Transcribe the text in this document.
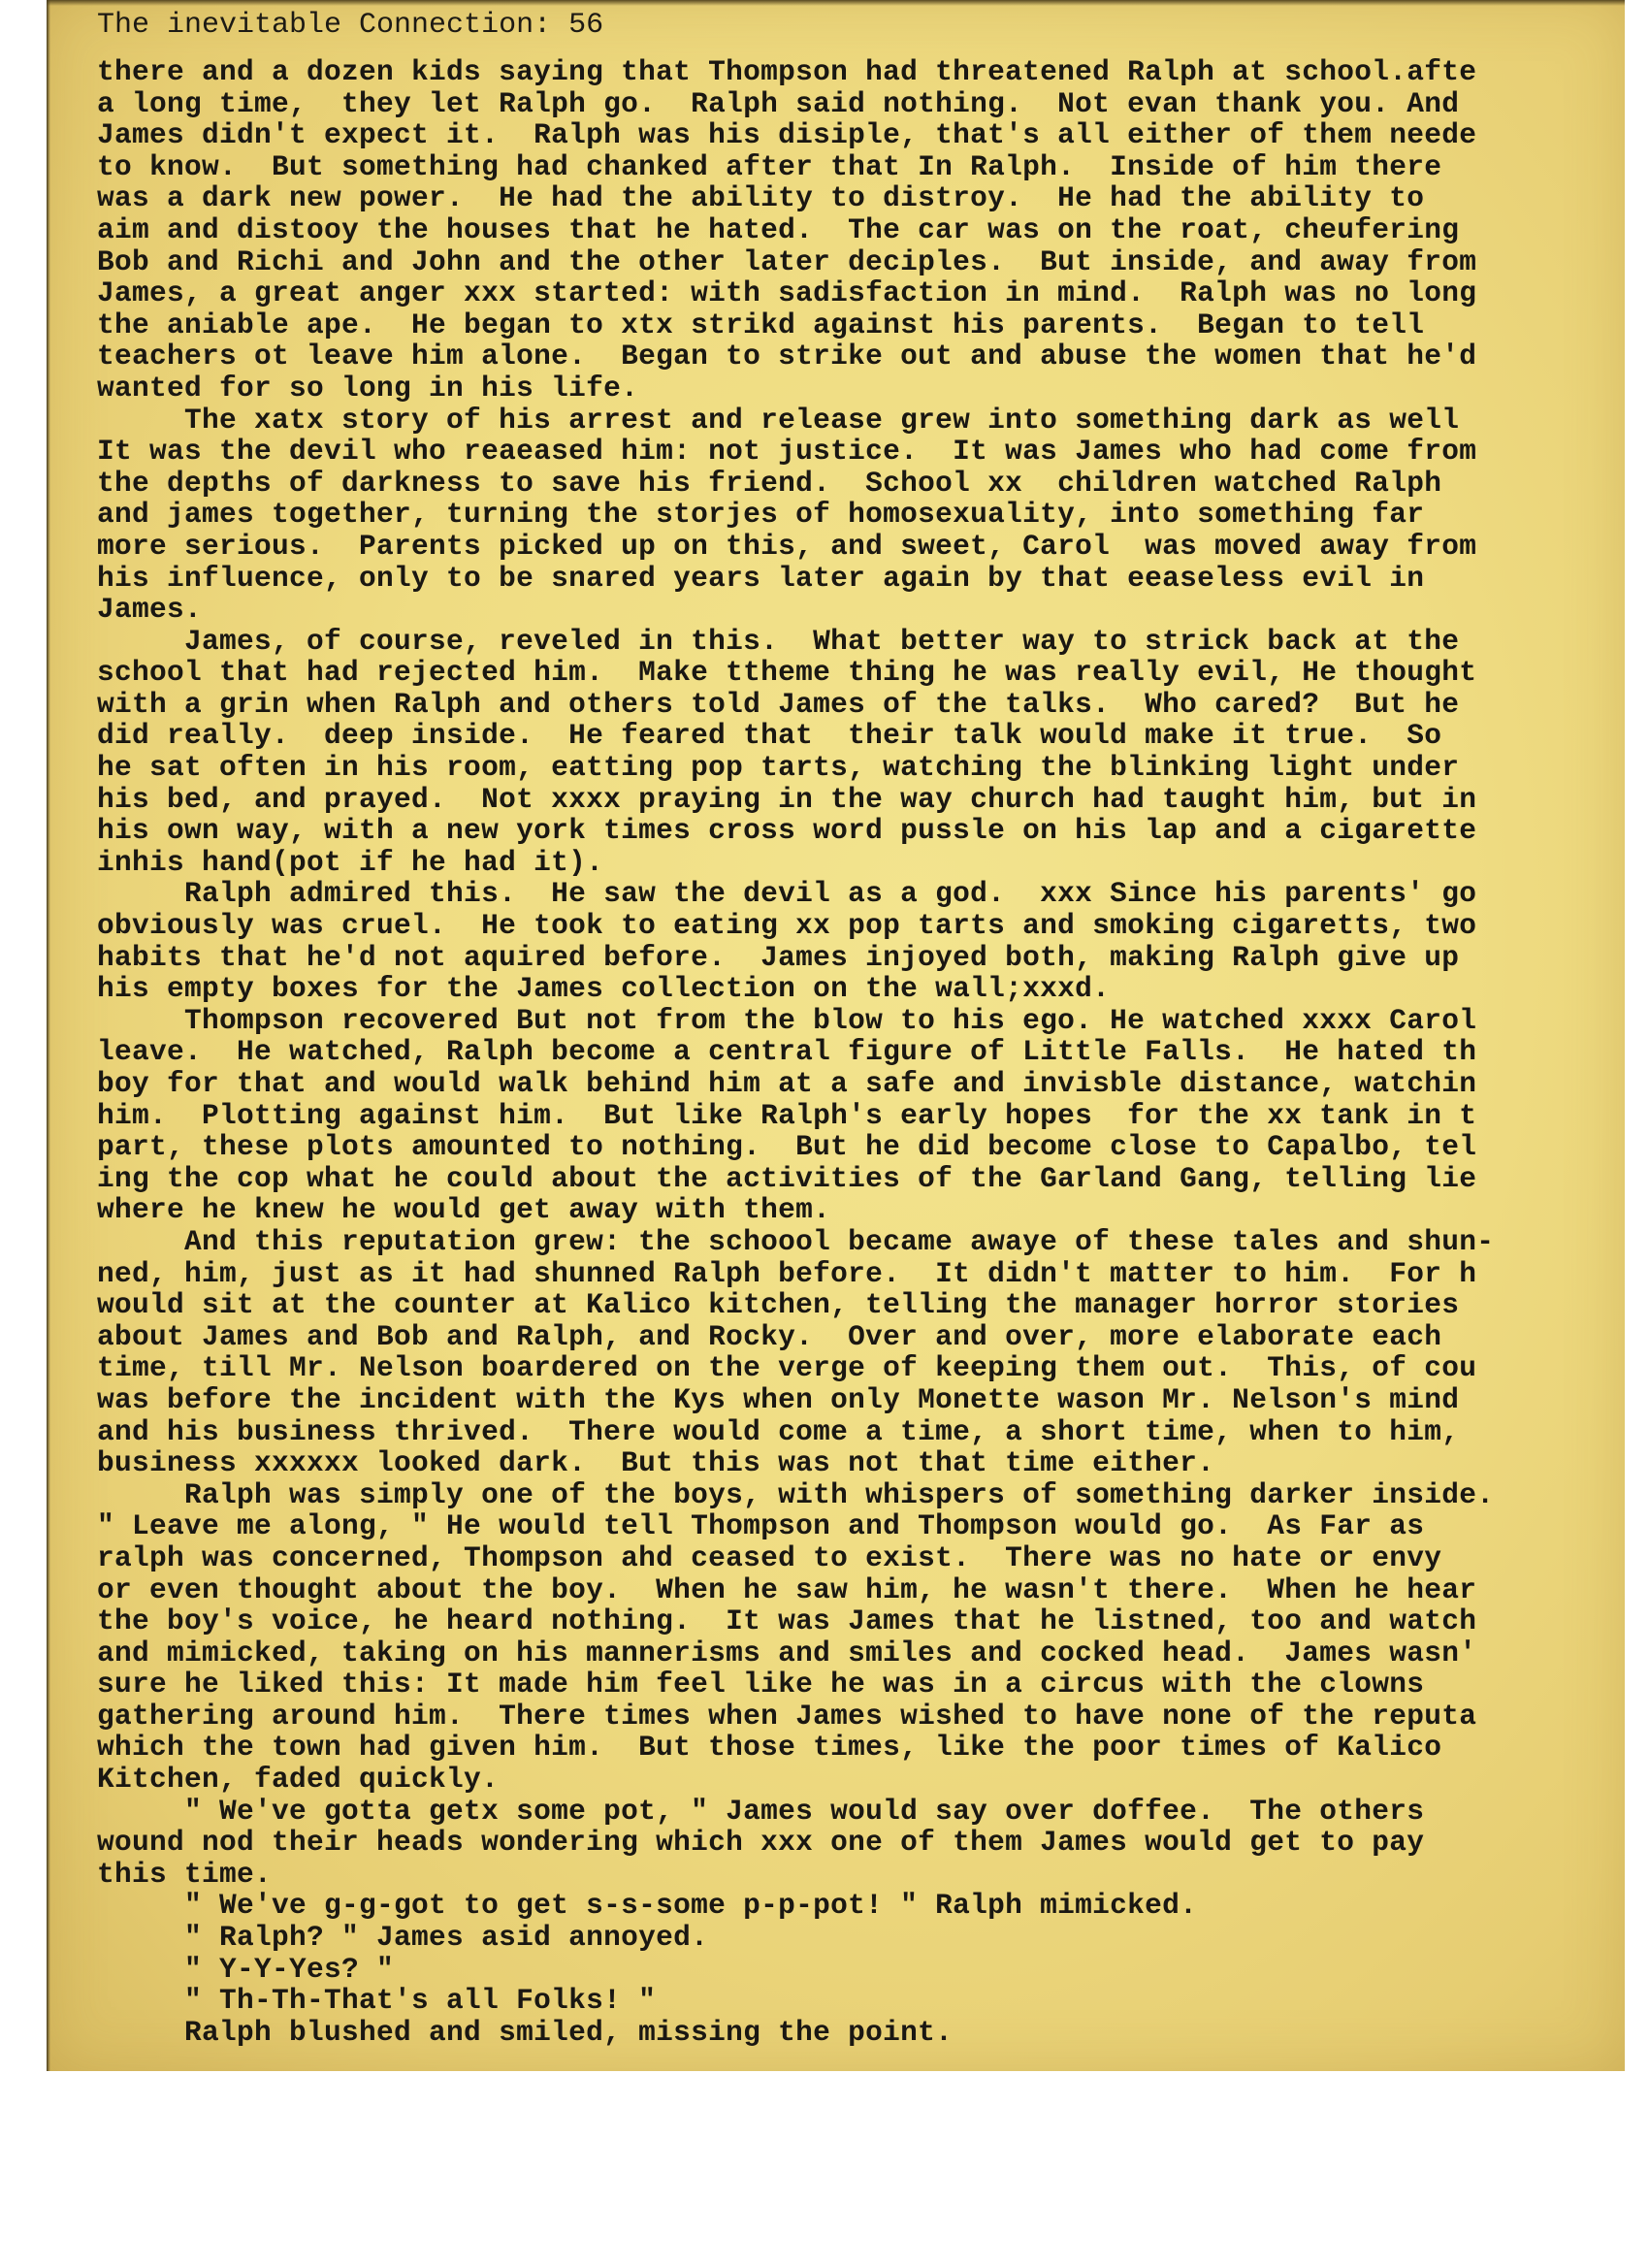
The inevitable Connection: 56
there and a dozen kids saying that Thompson had threatened Ralph at school.afte
a long time,  they let Ralph go.  Ralph said nothing.  Not evan thank you. And
James didn't expect it.  Ralph was his disiple, that's all either of them neede
to know.  But something had chanked after that In Ralph.  Inside of him there
was a dark new power.  He had the ability to distroy.  He had the ability to
aim and distooy the houses that he hated.  The car was on the roat, cheufering
Bob and Richi and John and the other later deciples.  But inside, and away from
James, a great anger xxx started: with sadisfaction in mind.  Ralph was no long
the aniable ape.  He began to xtx strikd against his parents.  Began to tell
teachers ot leave him alone.  Began to strike out and abuse the women that he'd
wanted for so long in his life.
The xatx story of his arrest and release grew into something dark as well
It was the devil who reaeased him: not justice.  It was James who had come from
the depths of darkness to save his friend.  School xx  children watched Ralph
and james together, turning the storjes of homosexuality, into something far
more serious.  Parents picked up on this, and sweet, Carol  was moved away from
his influence, only to be snared years later again by that eeaseless evil in
James.
James, of course, reveled in this.  What better way to strick back at the
school that had rejected him.  Make ttheme thing he was really evil, He thought
with a grin when Ralph and others told James of the talks.  Who cared?  But he
did really.  deep inside.  He feared that  their talk would make it true.  So
he sat often in his room, eatting pop tarts, watching the blinking light under
his bed, and prayed.  Not xxxx praying in the way church had taught him, but in
his own way, with a new york times cross word pussle on his lap and a cigarette
inhis hand(pot if he had it).
Ralph admired this.  He saw the devil as a god.  xxx Since his parents' go
obviously was cruel.  He took to eating xx pop tarts and smoking cigaretts, two
habits that he'd not aquired before.  James injoyed both, making Ralph give up
his empty boxes for the James collection on the wall;xxxd.
Thompson recovered But not from the blow to his ego. He watched xxxx Carol
leave.  He watched, Ralph become a central figure of Little Falls.  He hated th
boy for that and would walk behind him at a safe and invisble distance, watchin
him.  Plotting against him.  But like Ralph's early hopes  for the xx tank in t
part, these plots amounted to nothing.  But he did become close to Capalbo, tel
ing the cop what he could about the activities of the Garland Gang, telling lie
where he knew he would get away with them.
And this reputation grew: the schoool became awaye of these tales and shun-
ned, him, just as it had shunned Ralph before.  It didn't matter to him.  For h
would sit at the counter at Kalico kitchen, telling the manager horror stories
about James and Bob and Ralph, and Rocky.  Over and over, more elaborate each
time, till Mr. Nelson boardered on the verge of keeping them out.  This, of cou
was before the incident with the Kys when only Monette wason Mr. Nelson's mind
and his business thrived.  There would come a time, a short time, when to him,
business xxxxxx looked dark.  But this was not that time either.
Ralph was simply one of the boys, with whispers of something darker inside.
" Leave me along, " He would tell Thompson and Thompson would go.  As Far as
ralph was concerned, Thompson ahd ceased to exist.  There was no hate or envy
or even thought about the boy.  When he saw him, he wasn't there.  When he hear
the boy's voice, he heard nothing.  It was James that he listned, too and watch
and mimicked, taking on his mannerisms and smiles and cocked head.  James wasn'
sure he liked this: It made him feel like he was in a circus with the clowns
gathering around him.  There times when James wished to have none of the reputa
which the town had given him.  But those times, like the poor times of Kalico
Kitchen, faded quickly.
" We've gotta getx some pot, " James would say over doffee.  The others
wound nod their heads wondering which xxx one of them James would get to pay
this time.
" We've g-g-got to get s-s-some p-p-pot! " Ralph mimicked.
" Ralph? " James asid annoyed.
" Y-Y-Yes? "
" Th-Th-That's all Folks! "
Ralph blushed and smiled, missing the point.
